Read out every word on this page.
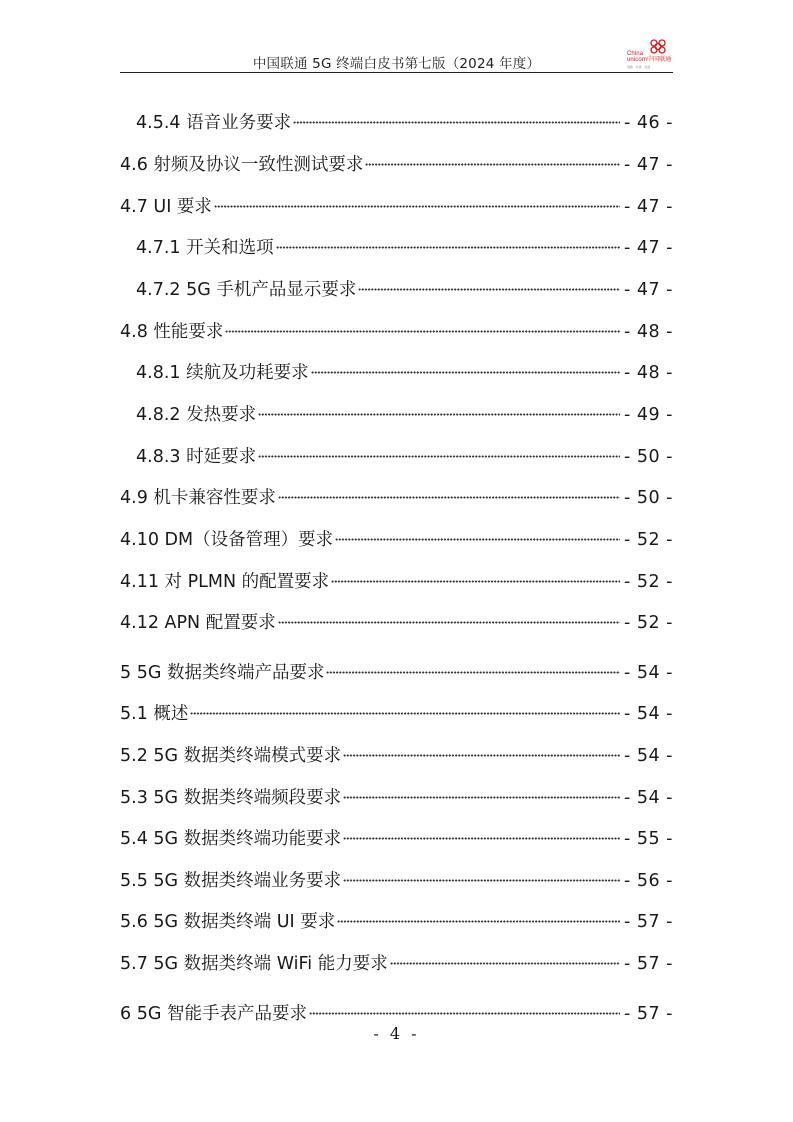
中国联通 5G 终端白皮书第七版（2024 年度）
China
unicom中国联通
创新 · 共享 · 连接
4.5.4 语音业务要求	- 46 -
4.6 射频及协议一致性测试要求	- 47 -
4.7 UI 要求	- 47 -
4.7.1 开关和选项	- 47 -
4.7.2 5G 手机产品显示要求	- 47 -
4.8 性能要求	- 48 -
4.8.1 续航及功耗要求	- 48 -
4.8.2 发热要求	- 49 -
4.8.3 时延要求	- 50 -
4.9 机卡兼容性要求	- 50 -
4.10 DM（设备管理）要求	- 52 -
4.11 对 PLMN 的配置要求	- 52 -
4.12 APN 配置要求	- 52 -
5 5G 数据类终端产品要求	- 54 -
5.1 概述	- 54 -
5.2 5G 数据类终端模式要求	- 54 -
5.3 5G 数据类终端频段要求	- 54 -
5.4 5G 数据类终端功能要求	- 55 -
5.5 5G 数据类终端业务要求	- 56 -
5.6 5G 数据类终端 UI 要求	- 57 -
5.7 5G 数据类终端 WiFi 能力要求	- 57 -
6 5G 智能手表产品要求	- 57 -
- 4 -
